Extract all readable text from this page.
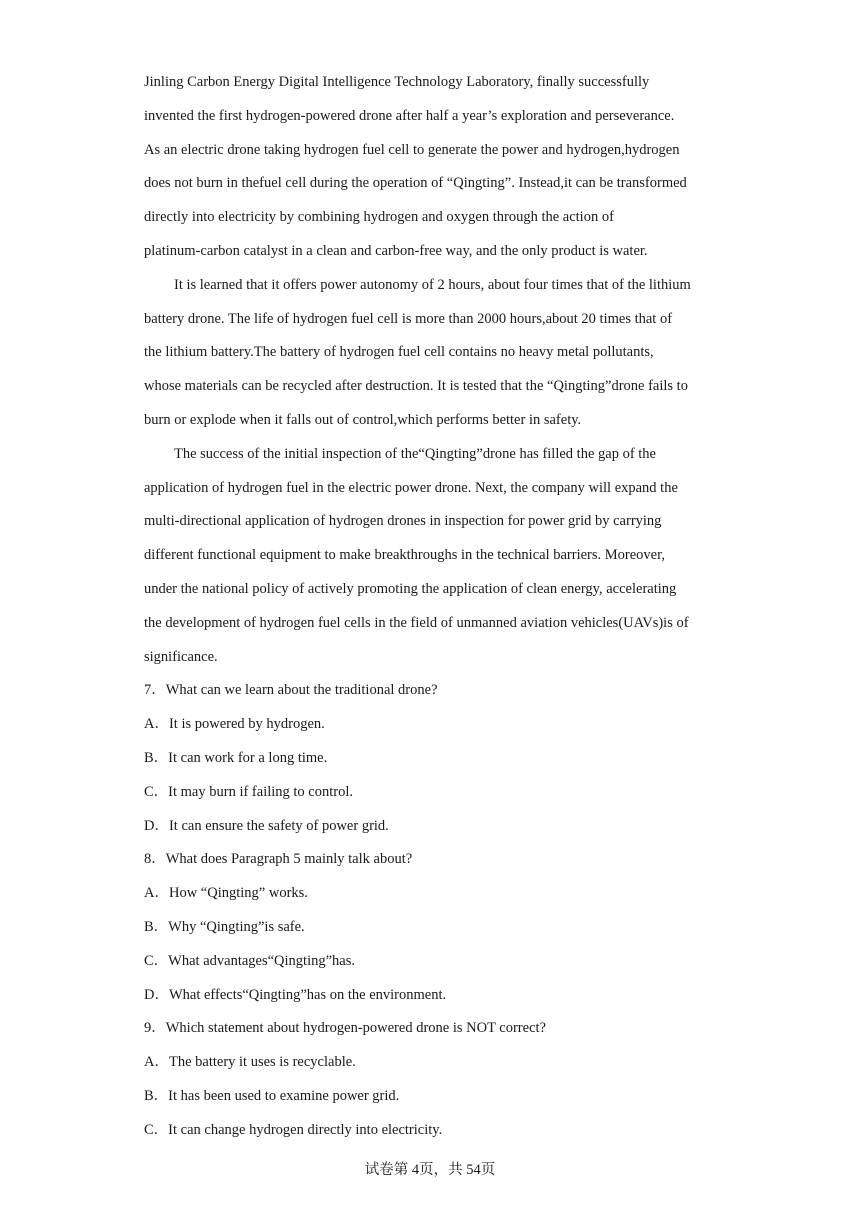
Jinling Carbon Energy Digital Intelligence Technology Laboratory, finally successfully
invented the first hydrogen-powered drone after half a year’s exploration and perseverance.
As an electric drone taking hydrogen fuel cell to generate the power and hydrogen,hydrogen
does not burn in thefuel cell during the operation of “Qingting”. Instead,it can be transformed
directly into electricity by combining hydrogen and oxygen through the action of
platinum-carbon catalyst in a clean and carbon-free way, and the only product is water.
It is learned that it offers power autonomy of 2 hours, about four times that of the lithium
battery drone. The life of hydrogen fuel cell is more than 2000 hours,about 20 times that of
the lithium battery.The battery of hydrogen fuel cell contains no heavy metal pollutants,
whose materials can be recycled after destruction. It is tested that the “Qingting”drone fails to
burn or explode when it falls out of control,which performs better in safety.
The success of the initial inspection of the“Qingting”drone has filled the gap of the
application of hydrogen fuel in the electric power drone. Next, the company will expand the
multi-directional application of hydrogen drones in inspection for power grid by carrying
different functional equipment to make breakthroughs in the technical barriers. Moreover,
under the national policy of actively promoting the application of clean energy, accelerating
the development of hydrogen fuel cells in the field of unmanned aviation vehicles(UAVs)is of
significance.
7．What can we learn about the traditional drone?
A．It is powered by hydrogen.
B．It can work for a long time.
C．It may burn if failing to control.
D．It can ensure the safety of power grid.
8．What does Paragraph 5 mainly talk about?
A．How “Qingting” works.
B．Why “Qingting”is safe.
C．What advantages“Qingting”has.
D．What effects“Qingting”has on the environment.
9．Which statement about hydrogen-powered drone is NOT correct?
A．The battery it uses is recyclable.
B．It has been used to examine power grid.
C．It can change hydrogen directly into electricity.
试卷第 4页，共 54页
